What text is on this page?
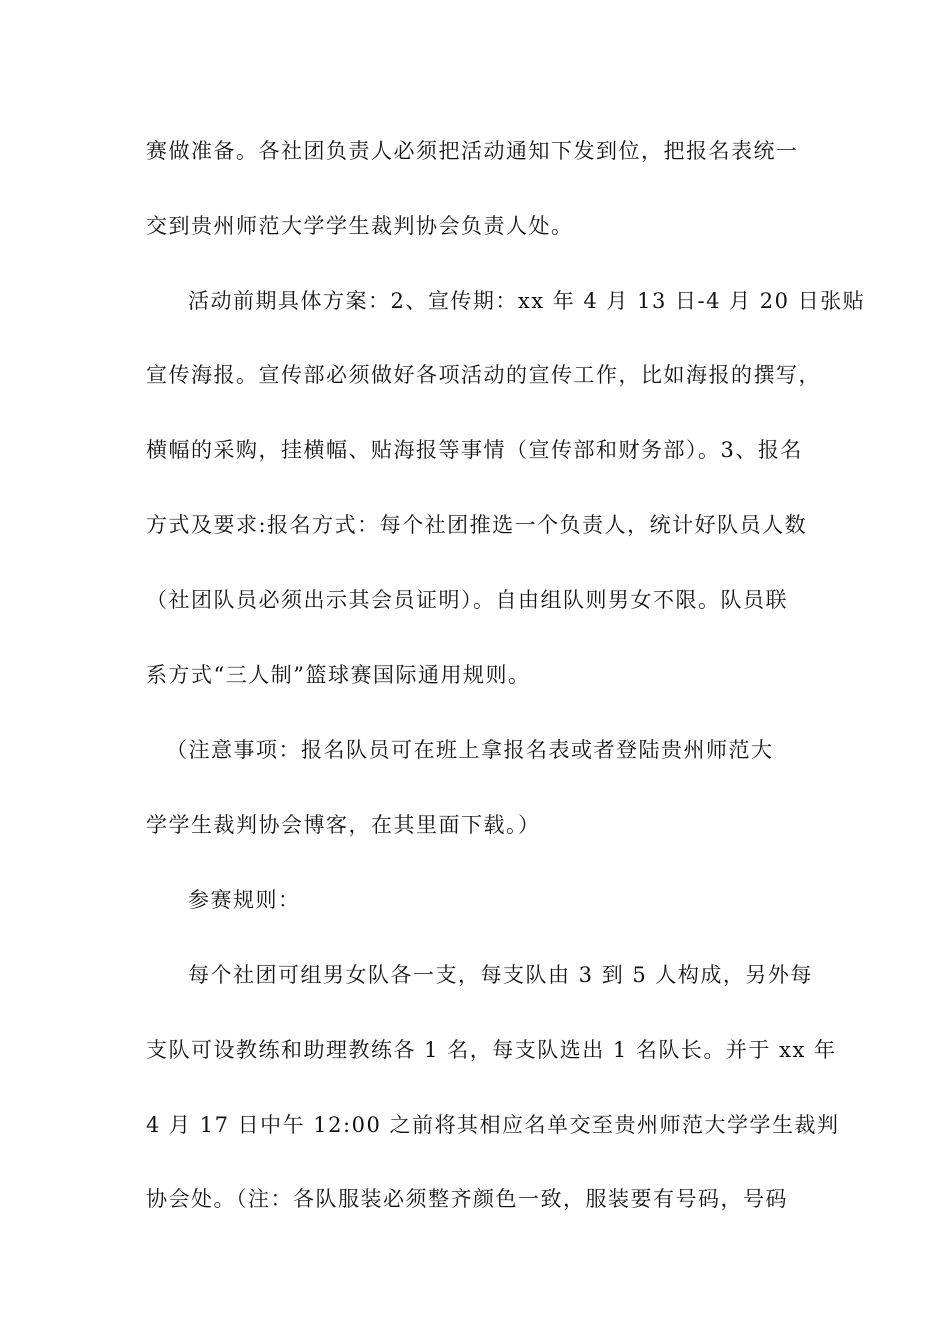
赛做准备。各社团负责人必须把活动通知下发到位，把报名表统一
交到贵州师范大学学生裁判协会负责人处。
活动前期具体方案：2、宣传期：xx 年 4 月 13 日-4 月 20 日张贴
宣传海报。宣传部必须做好各项活动的宣传工作，比如海报的撰写，
横幅的采购，挂横幅、贴海报等事情（宣传部和财务部）。3、报名
方式及要求:报名方式：每个社团推选一个负责人，统计好队员人数
（社团队员必须出示其会员证明）。自由组队则男女不限。队员联
系方式“三人制”篮球赛国际通用规则。
（注意事项：报名队员可在班上拿报名表或者登陆贵州师范大
学学生裁判协会博客，在其里面下载。）
参赛规则：
每个社团可组男女队各一支，每支队由 3 到 5 人构成，另外每
支队可设教练和助理教练各 1 名，每支队选出 1 名队长。并于 xx 年
4 月 17 日中午 12:00 之前将其相应名单交至贵州师范大学学生裁判
协会处。（注：各队服装必须整齐颜色一致，服装要有号码，号码
